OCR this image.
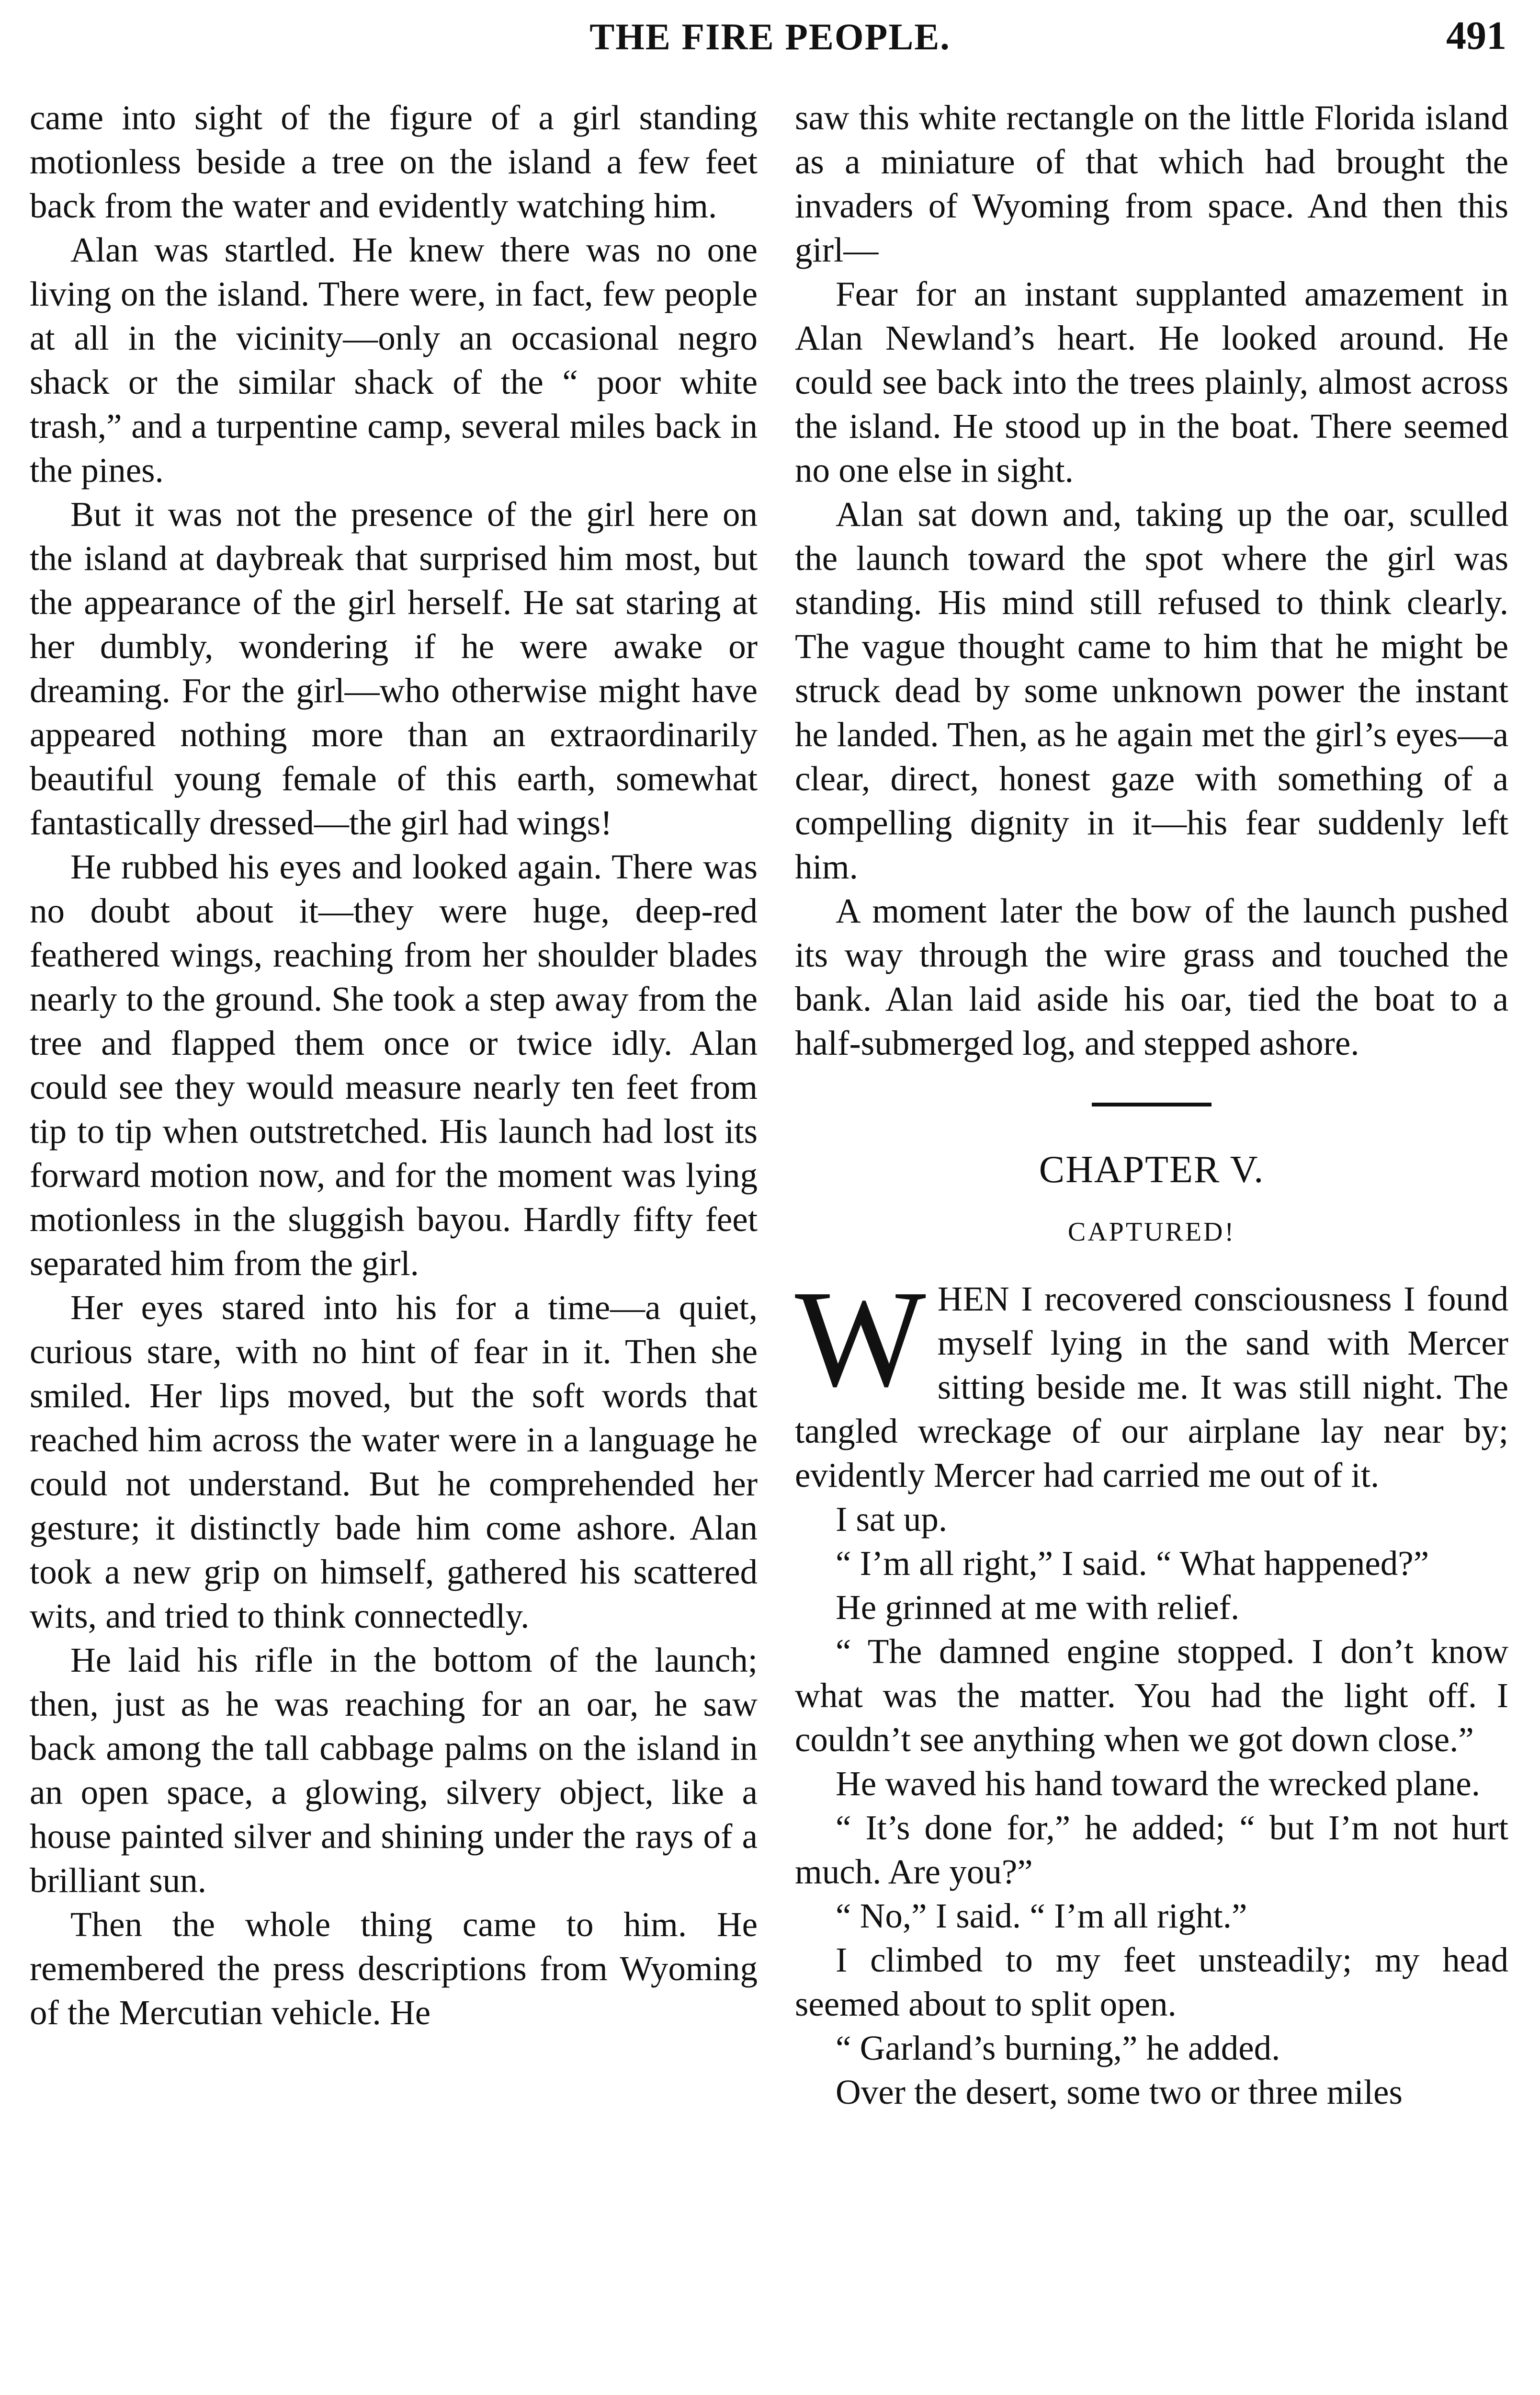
THE FIRE PEOPLE.	491

came into sight of the figure of a girl standing motionless beside a tree on the island a few feet back from the water and evidently watching him.

Alan was startled. He knew there was no one living on the island. There were, in fact, few people at all in the vicinity—only an occasional negro shack or the similar shack of the “ poor white trash,” and a turpentine camp, several miles back in the pines.

But it was not the presence of the girl here on the island at daybreak that surprised him most, but the appearance of the girl herself. He sat staring at her dumbly, wondering if he were awake or dreaming. For the girl—who otherwise might have appeared nothing more than an extraordinarily beautiful young female of this earth, somewhat fantastically dressed—the girl had wings!

He rubbed his eyes and looked again. There was no doubt about it—they were huge, deep-red feathered wings, reaching from her shoulder blades nearly to the ground. She took a step away from the tree and flapped them once or twice idly. Alan could see they would measure nearly ten feet from tip to tip when outstretched. His launch had lost its forward motion now, and for the moment was lying motionless in the sluggish bayou. Hardly fifty feet separated him from the girl.

Her eyes stared into his for a time—a quiet, curious stare, with no hint of fear in it. Then she smiled. Her lips moved, but the soft words that reached him across the water were in a language he could not understand. But he comprehended her gesture; it distinctly bade him come ashore. Alan took a new grip on himself, gathered his scattered wits, and tried to think connectedly.

He laid his rifle in the bottom of the launch; then, just as he was reaching for an oar, he saw back among the tall cabbage palms on the island in an open space, a glowing, silvery object, like a house painted silver and shining under the rays of a brilliant sun.

Then the whole thing came to him. He remembered the press descriptions from Wyoming of the Mercutian vehicle. He

saw this white rectangle on the little Florida island as a miniature of that which had brought the invaders of Wyoming from space. And then this girl—

Fear for an instant supplanted amazement in Alan Newland’s heart. He looked around. He could see back into the trees plainly, almost across the island. He stood up in the boat. There seemed no one else in sight.

Alan sat down and, taking up the oar, sculled the launch toward the spot where the girl was standing. His mind still refused to think clearly. The vague thought came to him that he might be struck dead by some unknown power the instant he landed. Then, as he again met the girl’s eyes—a clear, direct, honest gaze with something of a compelling dignity in it—his fear suddenly left him.

A moment later the bow of the launch pushed its way through the wire grass and touched the bank. Alan laid aside his oar, tied the boat to a half-submerged log, and stepped ashore.

CHAPTER V.
CAPTURED!

WHEN I recovered consciousness I found myself lying in the sand with Mercer sitting beside me. It was still night. The tangled wreckage of our airplane lay near by; evidently Mercer had carried me out of it.

I sat up.

“ I’m all right,” I said. “ What happened?”

He grinned at me with relief.

“ The damned engine stopped. I don’t know what was the matter. You had the light off. I couldn’t see anything when we got down close.”

He waved his hand toward the wrecked plane.

“ It’s done for,” he added; “ but I’m not hurt much. Are you?”

“ No,” I said. “ I’m all right.”

I climbed to my feet unsteadily; my head seemed about to split open.

“ Garland’s burning,” he added.

Over the desert, some two or three miles
